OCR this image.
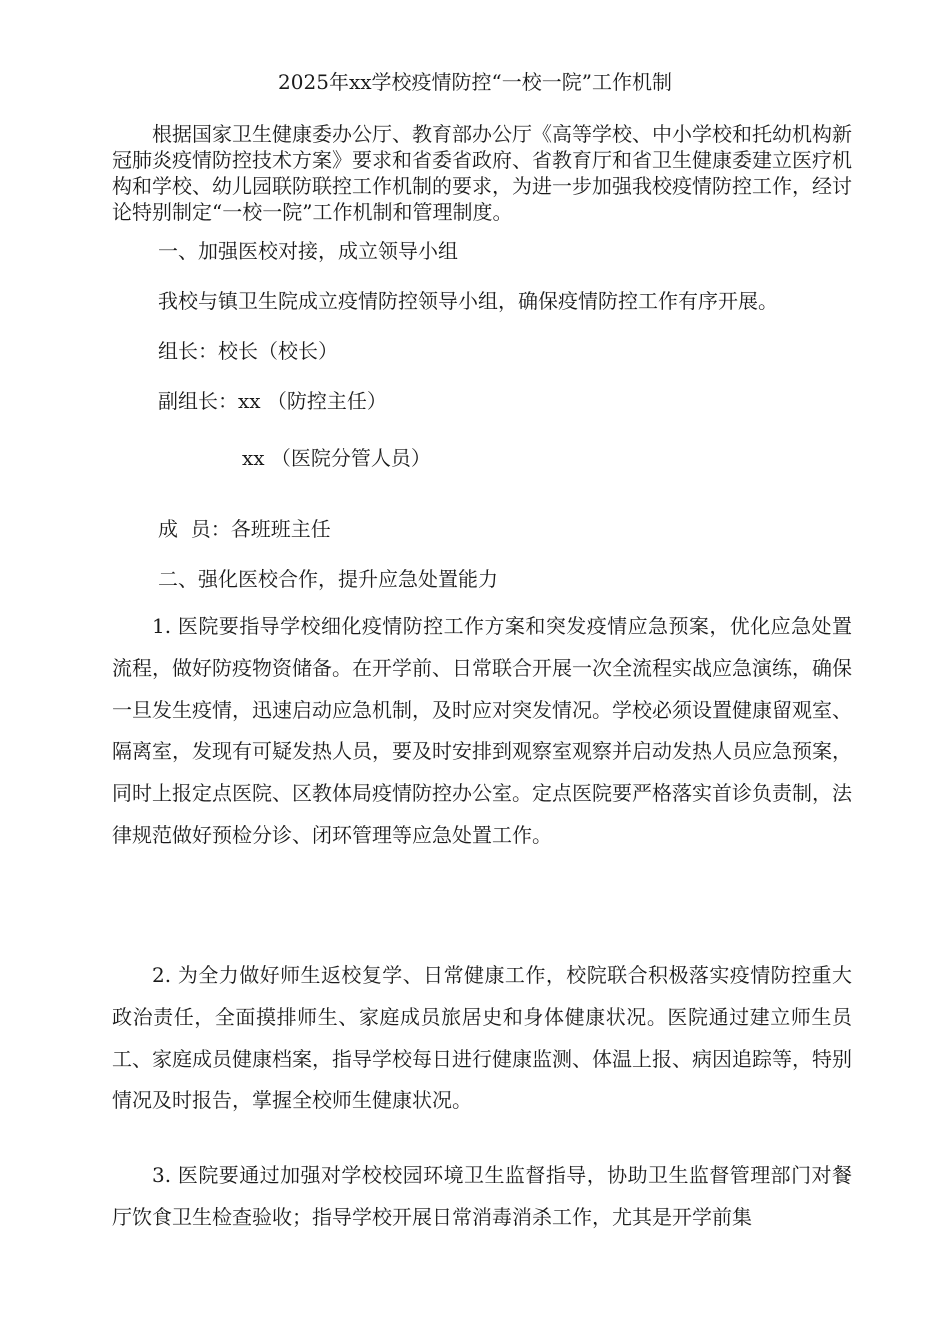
2025年xx学校疫情防控“一校一院”工作机制

根据国家卫生健康委办公厅、教育部办公厅《高等学校、中小学校和托幼机构新冠肺炎疫情防控技术方案》要求和省委省政府、省教育厅和省卫生健康委建立医疗机构和学校、幼儿园联防联控工作机制的要求，为进一步加强我校疫情防控工作，经讨论特别制定“一校一院”工作机制和管理制度。

一、加强医校对接，成立领导小组
我校与镇卫生院成立疫情防控领导小组，确保疫情防控工作有序开展。
组长：校长（校长）
副组长：xx （防控主任）
xx （医院分管人员）
成  员：各班班主任
二、强化医校合作，提升应急处置能力

1. 医院要指导学校细化疫情防控工作方案和突发疫情应急预案，优化应急处置流程，做好防疫物资储备。在开学前、日常联合开展一次全流程实战应急演练，确保一旦发生疫情，迅速启动应急机制，及时应对突发情况。学校必须设置健康留观室、隔离室，发现有可疑发热人员，要及时安排到观察室观察并启动发热人员应急预案，同时上报定点医院、区教体局疫情防控办公室。定点医院要严格落实首诊负责制，法律规范做好预检分诊、闭环管理等应急处置工作。

2. 为全力做好师生返校复学、日常健康工作，校院联合积极落实疫情防控重大政治责任，全面摸排师生、家庭成员旅居史和身体健康状况。医院通过建立师生员工、家庭成员健康档案，指导学校每日进行健康监测、体温上报、病因追踪等，特别情况及时报告，掌握全校师生健康状况。

3. 医院要通过加强对学校校园环境卫生监督指导，协助卫生监督管理部门对餐厅饮食卫生检查验收；指导学校开展日常消毒消杀工作，尤其是开学前集
